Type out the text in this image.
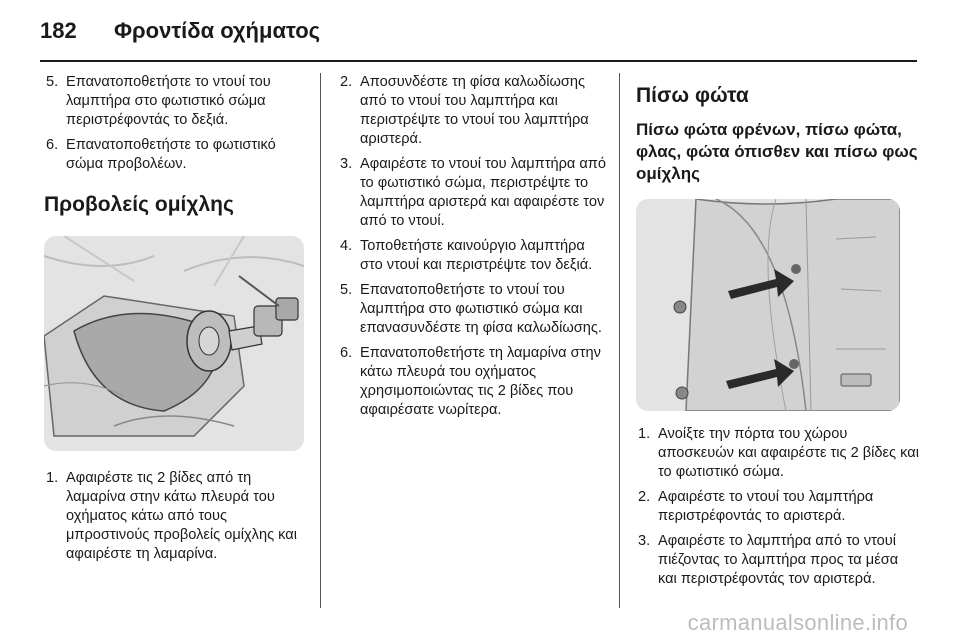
182 Φροντίδα οχήματος
5. Επανατοποθετήστε το ντουί του λαμπτήρα στο φωτιστικό σώμα περιστρέφοντάς το δεξιά.
6. Επανατοποθετήστε το φωτιστικό σώμα προβολέων.
Προβολείς ομίχλης
1. Αφαιρέστε τις 2 βίδες από τη λαμαρίνα στην κάτω πλευρά του οχήματος κάτω από τους μπροστινούς προβολείς ομίχλης και αφαιρέστε τη λαμαρίνα.
2. Αποσυνδέστε τη φίσα καλωδίωσης από το ντουί του λαμπτήρα και περιστρέψτε το ντουί του λαμπτήρα αριστερά.
3. Αφαιρέστε το ντουί του λαμπτήρα από το φωτιστικό σώμα, περιστρέψτε το λαμπτήρα αριστερά και αφαιρέστε τον από το ντουί.
4. Τοποθετήστε καινούργιο λαμπτήρα στο ντουί και περιστρέψτε τον δεξιά.
5. Επανατοποθετήστε το ντουί του λαμπτήρα στο φωτιστικό σώμα και επανασυνδέστε τη φίσα καλωδίωσης.
6. Επανατοποθετήστε τη λαμαρίνα στην κάτω πλευρά του οχήματος χρησιμοποιώντας τις 2 βίδες που αφαιρέσατε νωρίτερα.
Πίσω φώτα
Πίσω φώτα φρένων, πίσω φώτα, φλας, φώτα όπισθεν και πίσω φως ομίχλης
1. Ανοίξτε την πόρτα του χώρου αποσκευών και αφαιρέστε τις 2 βίδες και το φωτιστικό σώμα.
2. Αφαιρέστε το ντουί του λαμπτήρα περιστρέφοντάς το αριστερά.
3. Αφαιρέστε το λαμπτήρα από το ντουί πιέζοντας το λαμπτήρα προς τα μέσα και περιστρέφοντάς τον αριστερά.
carmanualsonline.info
